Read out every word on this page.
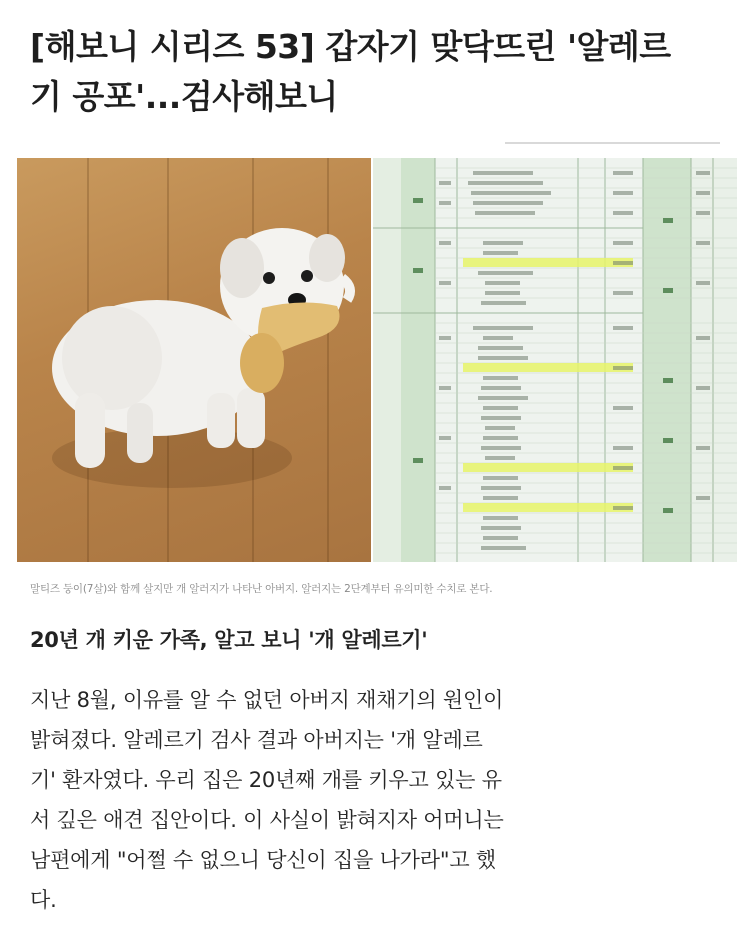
[해보니 시리즈 53] 갑자기 맞닥뜨린 '알레르
기 공포'...검사해보니
말티즈 둥이(7살)와 함께 살지만 개 알러지가 나타난 아버지. 알러지는 2단계부터 유의미한 수치로 본다.
20년 개 키운 가족, 알고 보니 '개 알레르기'
지난 8월, 이유를 알 수 없던 아버지 재채기의 원인이
밝혀졌다. 알레르기 검사 결과 아버지는 '개 알레르
기' 환자였다. 우리 집은 20년째 개를 키우고 있는 유
서 깊은 애견 집안이다. 이 사실이 밝혀지자 어머니는
남편에게 "어쩔 수 없으니 당신이 집을 나가라"고 했
다.
